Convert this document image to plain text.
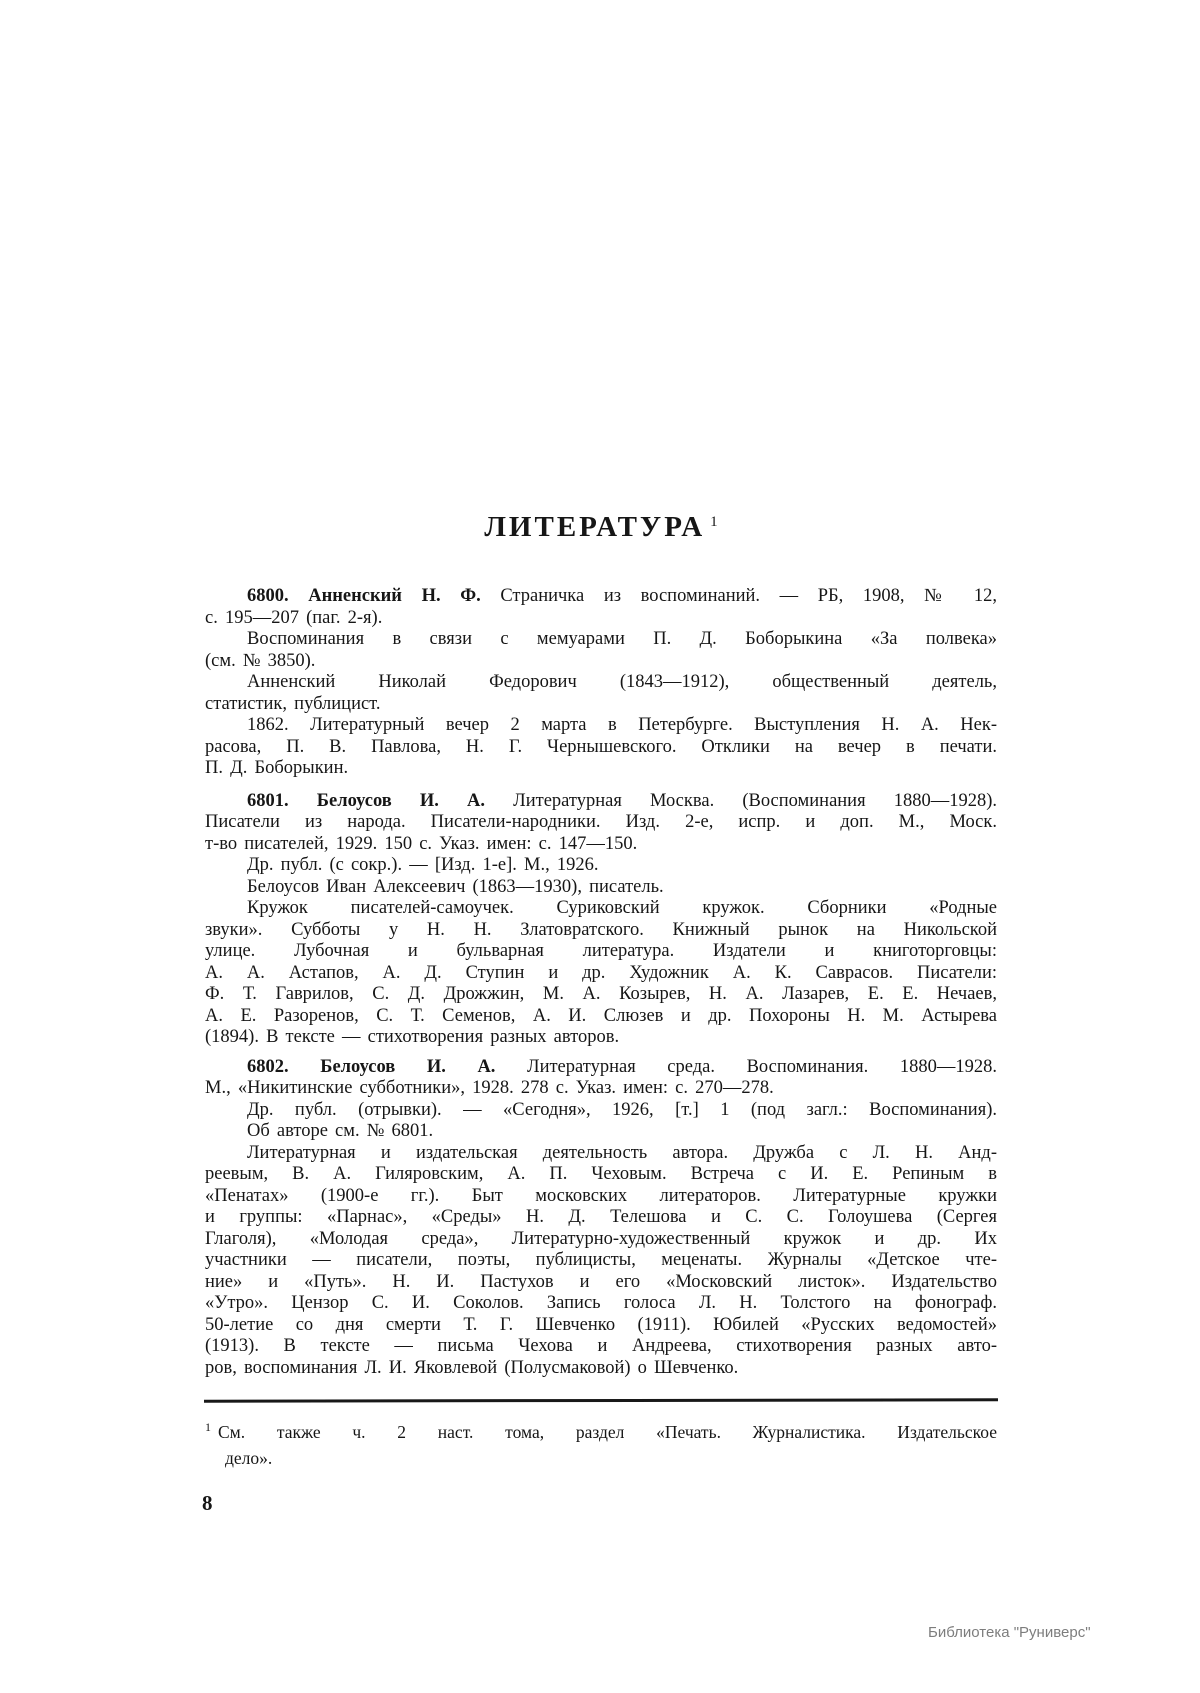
ЛИТЕРАТУРА $^1$
6800. Анненский Н. Ф. Страничка из воспоминаний. — РБ, 1908, № 12,
с. 195—207 (паг. 2-я).
Воспоминания в связи с мемуарами П. Д. Боборыкина «За полвека»
(см. № 3850).
Анненский Николай Федорович (1843—1912), общественный деятель,
статистик, публицист.
1862. Литературный вечер 2 марта в Петербурге. Выступления Н. А. Нек-
расова, П. В. Павлова, Н. Г. Чернышевского. Отклики на вечер в печати.
П. Д. Боборыкин.
6801. Белоусов И. А. Литературная Москва. (Воспоминания 1880—1928).
Писатели из народа. Писатели-народники. Изд. 2-е, испр. и доп. М., Моск.
т-во писателей, 1929. 150 с. Указ. имен: с. 147—150.
Др. публ. (с сокр.). — [Изд. 1-е]. М., 1926.
Белоусов Иван Алексеевич (1863—1930), писатель.
Кружок писателей-самоучек. Суриковский кружок. Сборники «Родные
звуки». Субботы у Н. Н. Златовратского. Книжный рынок на Никольской
улице. Лубочная и бульварная литература. Издатели и книготорговцы:
А. А. Астапов, А. Д. Ступин и др. Художник А. К. Саврасов. Писатели:
Ф. Т. Гаврилов, С. Д. Дрожжин, М. А. Козырев, Н. А. Лазарев, Е. Е. Нечаев,
А. Е. Разоренов, С. Т. Семенов, А. И. Слюзев и др. Похороны Н. М. Астырева
(1894). В тексте — стихотворения разных авторов.
6802. Белоусов И. А. Литературная среда. Воспоминания. 1880—1928.
М., «Никитинские субботники», 1928. 278 с. Указ. имен: с. 270—278.
Др. публ. (отрывки). — «Сегодня», 1926, [т.] 1 (под загл.: Воспоминания).
Об авторе см. № 6801.
Литературная и издательская деятельность автора. Дружба с Л. Н. Анд-
реевым, В. А. Гиляровским, А. П. Чеховым. Встреча с И. Е. Репиным в
«Пенатах» (1900-е гг.). Быт московских литераторов. Литературные кружки
и группы: «Парнас», «Среды» Н. Д. Телешова и С. С. Голоушева (Сергея
Глаголя), «Молодая среда», Литературно-художественный кружок и др. Их
участники — писатели, поэты, публицисты, меценаты. Журналы «Детское чте-
ние» и «Путь». Н. И. Пастухов и его «Московский листок». Издательство
«Утро». Цензор С. И. Соколов. Запись голоса Л. Н. Толстого на фонограф.
50-летие со дня смерти Т. Г. Шевченко (1911). Юбилей «Русских ведомостей»
(1913). В тексте — письма Чехова и Андреева, стихотворения разных авто-
ров, воспоминания Л. И. Яковлевой (Полусмаковой) о Шевченко.
$^1$ См. также ч. 2 наст. тома, раздел «Печать. Журналистика. Издательское
дело».
8
Библиотека "Руниверс"
